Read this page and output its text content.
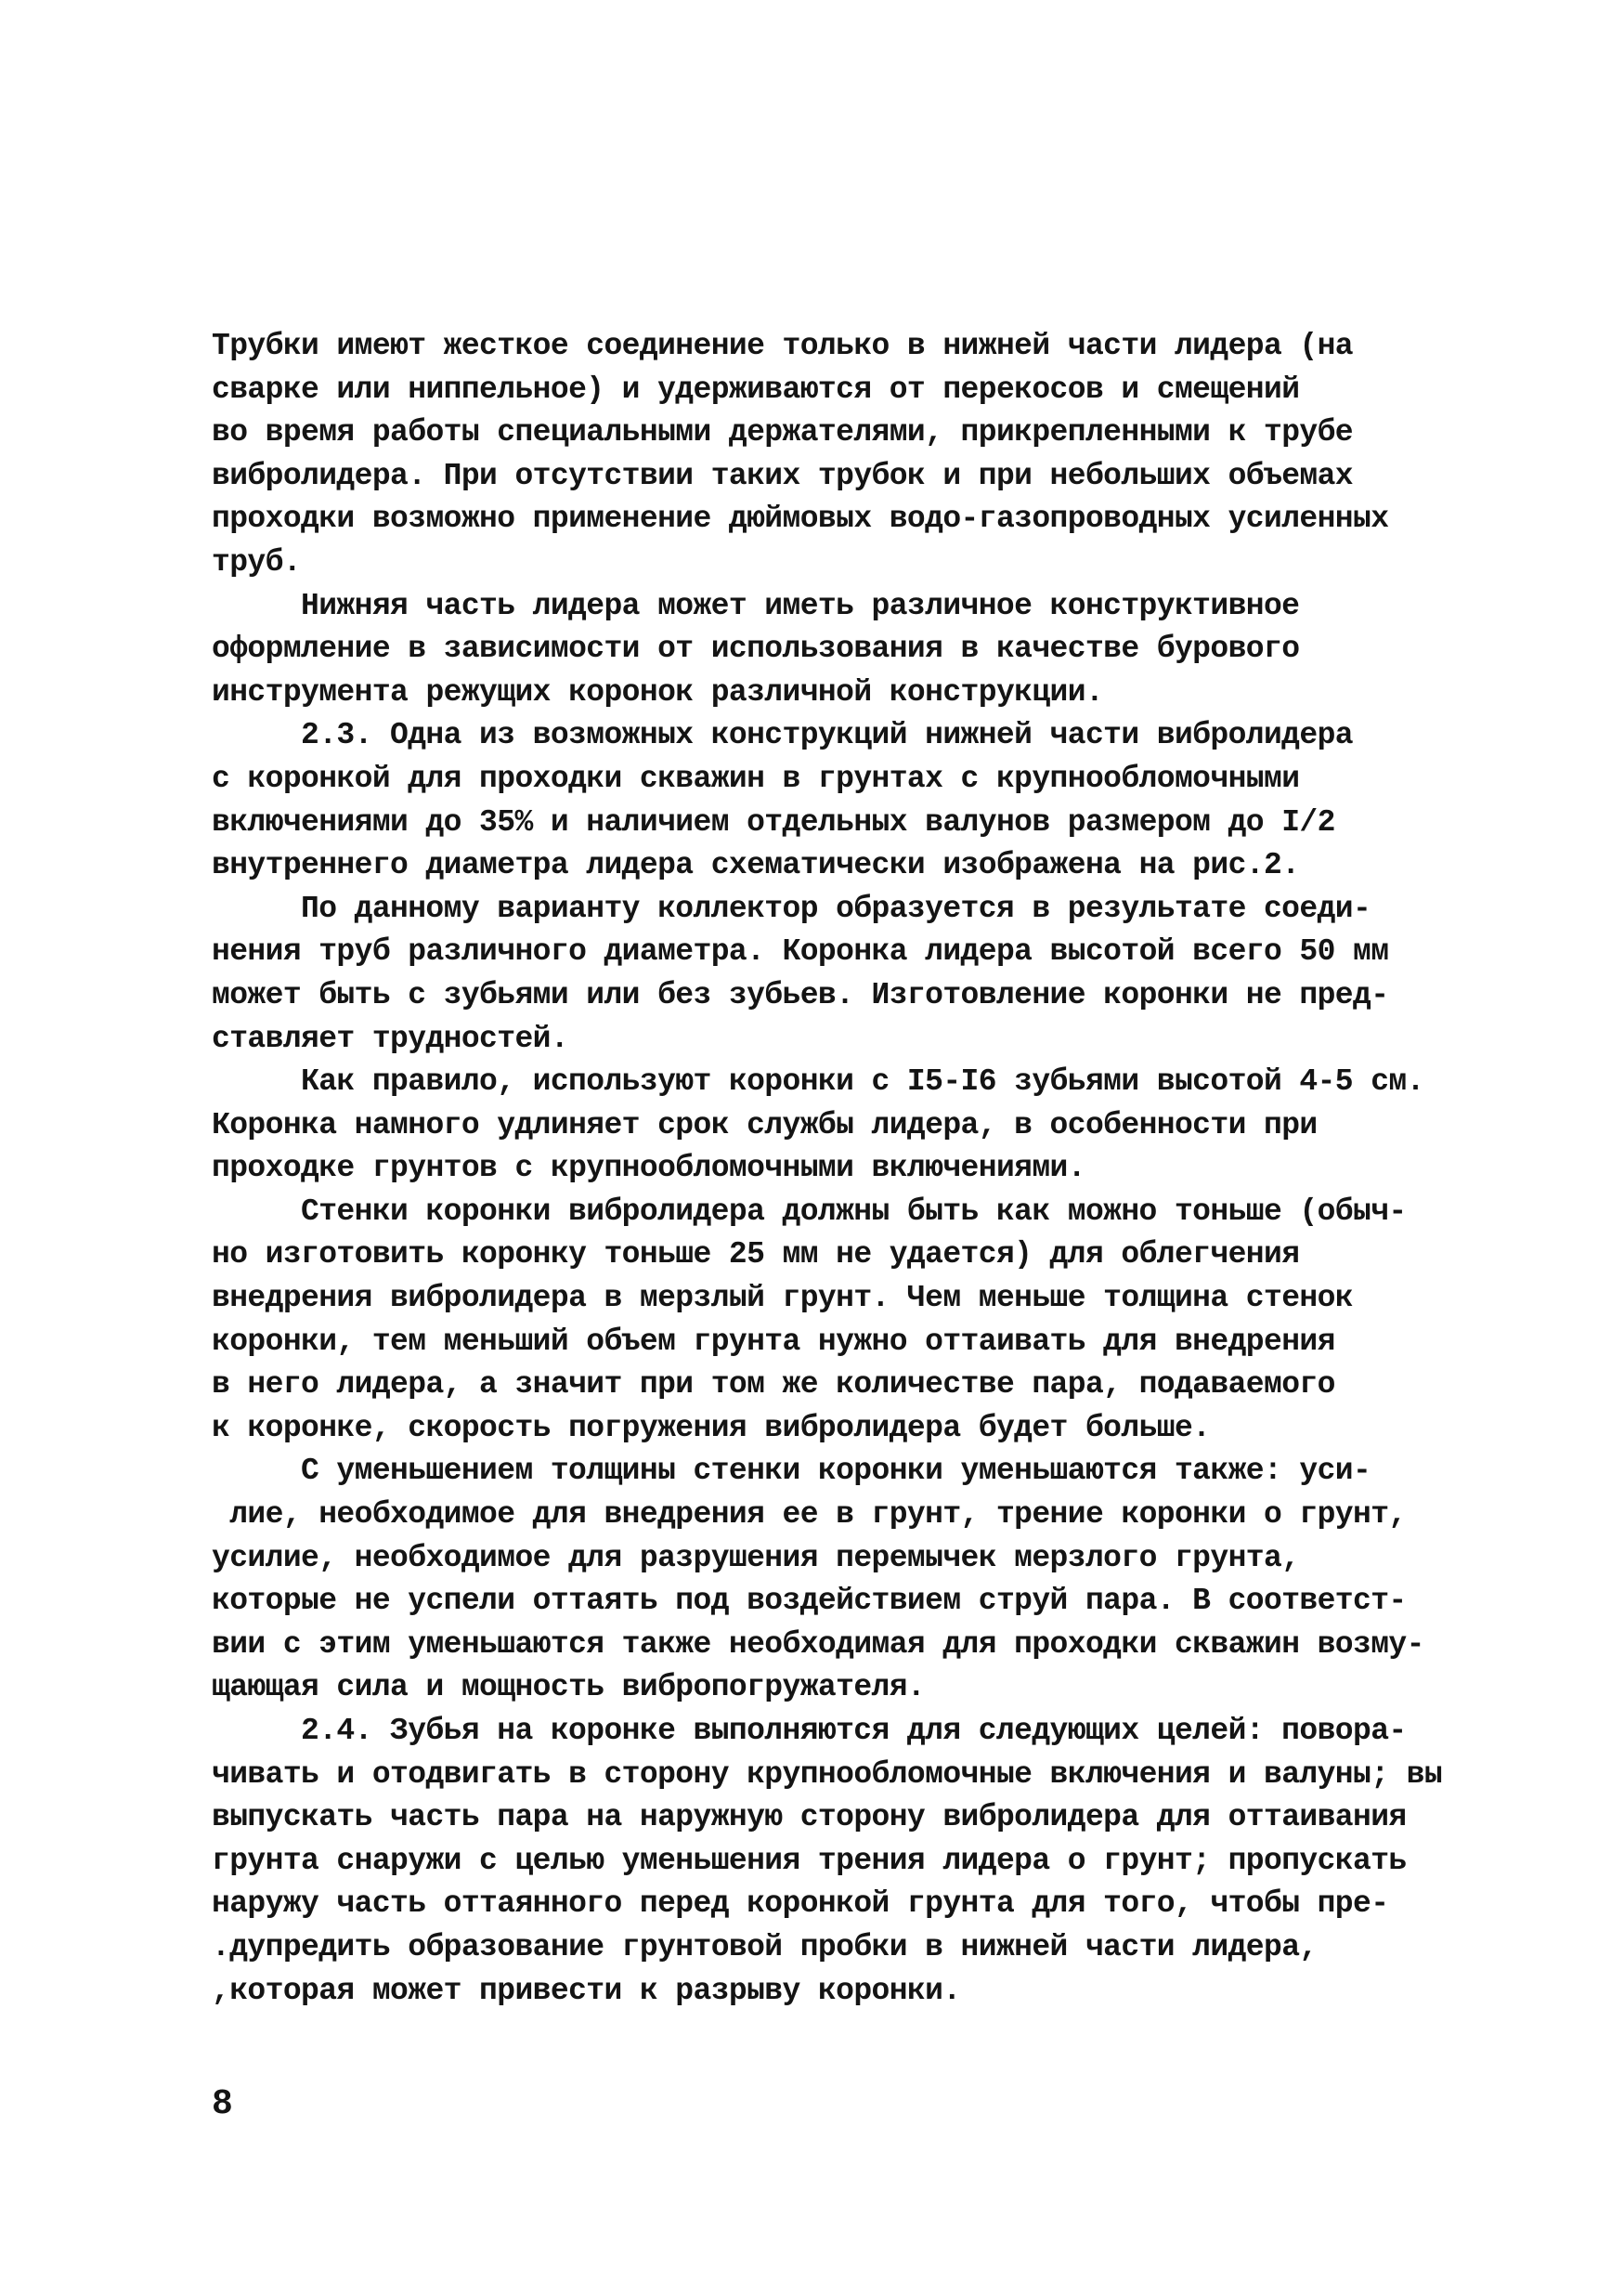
Трубки имеют жесткое соединение только в нижней части лидера (на
сварке или ниппельное) и удерживаются от перекосов и смещений
во время работы специальными держателями, прикрепленными к трубе
вибролидера. При отсутствии таких трубок и при небольших объемах
проходки возможно применение дюймовых водо-газопроводных усиленных
труб.
Нижняя часть лидера может иметь различное конструктивное
оформление в зависимости от использования в качестве бурового
инструмента режущих коронок различной конструкции.
2.3. Одна из возможных конструкций нижней части вибролидера
с коронкой для проходки скважин в грунтах с крупнообломочными
включениями до 35% и наличием отдельных валунов размером до I/2
внутреннего диаметра лидера схематически изображена на рис.2.
По данному варианту коллектор образуется в результате соеди-
нения труб различного диаметра. Коронка лидера высотой всего 50 мм
может быть с зубьями или без зубьев. Изготовление коронки не пред-
ставляет трудностей.
Как правило, используют коронки с I5-I6 зубьями высотой 4-5 см.
Коронка намного удлиняет срок службы лидера, в особенности при
проходке грунтов с крупнообломочными включениями.
Стенки коронки вибролидера должны быть как можно тоньше (обыч-
но изготовить коронку тоньше 25 мм не удается) для облегчения
внедрения вибролидера в мерзлый грунт. Чем меньше толщина стенок
коронки, тем меньший объем грунта нужно оттаивать для внедрения
в него лидера, а значит при том же количестве пара, подаваемого
к коронке, скорость погружения вибролидера будет больше.
С уменьшением толщины стенки коронки уменьшаются также: уси-
лие, необходимое для внедрения ее в грунт, трение коронки о грунт,
усилие, необходимое для разрушения перемычек мерзлого грунта,
которые не успели оттаять под воздействием струй пара. В соответст-
вии с этим уменьшаются также необходимая для проходки скважин возму-
щающая сила и мощность вибропогружателя.
2.4. Зубья на коронке выполняются для следующих целей: повора-
чивать и отодвигать в сторону крупнообломочные включения и валуны; вы
выпускать часть пара на наружную сторону вибролидера для оттаивания
грунта снаружи с целью уменьшения трения лидера о грунт; пропускать
наружу часть оттаянного перед коронкой грунта для того, чтобы пре-
.дупредить образование грунтовой пробки в нижней части лидера,
,которая может привести к разрыву коронки.
8
